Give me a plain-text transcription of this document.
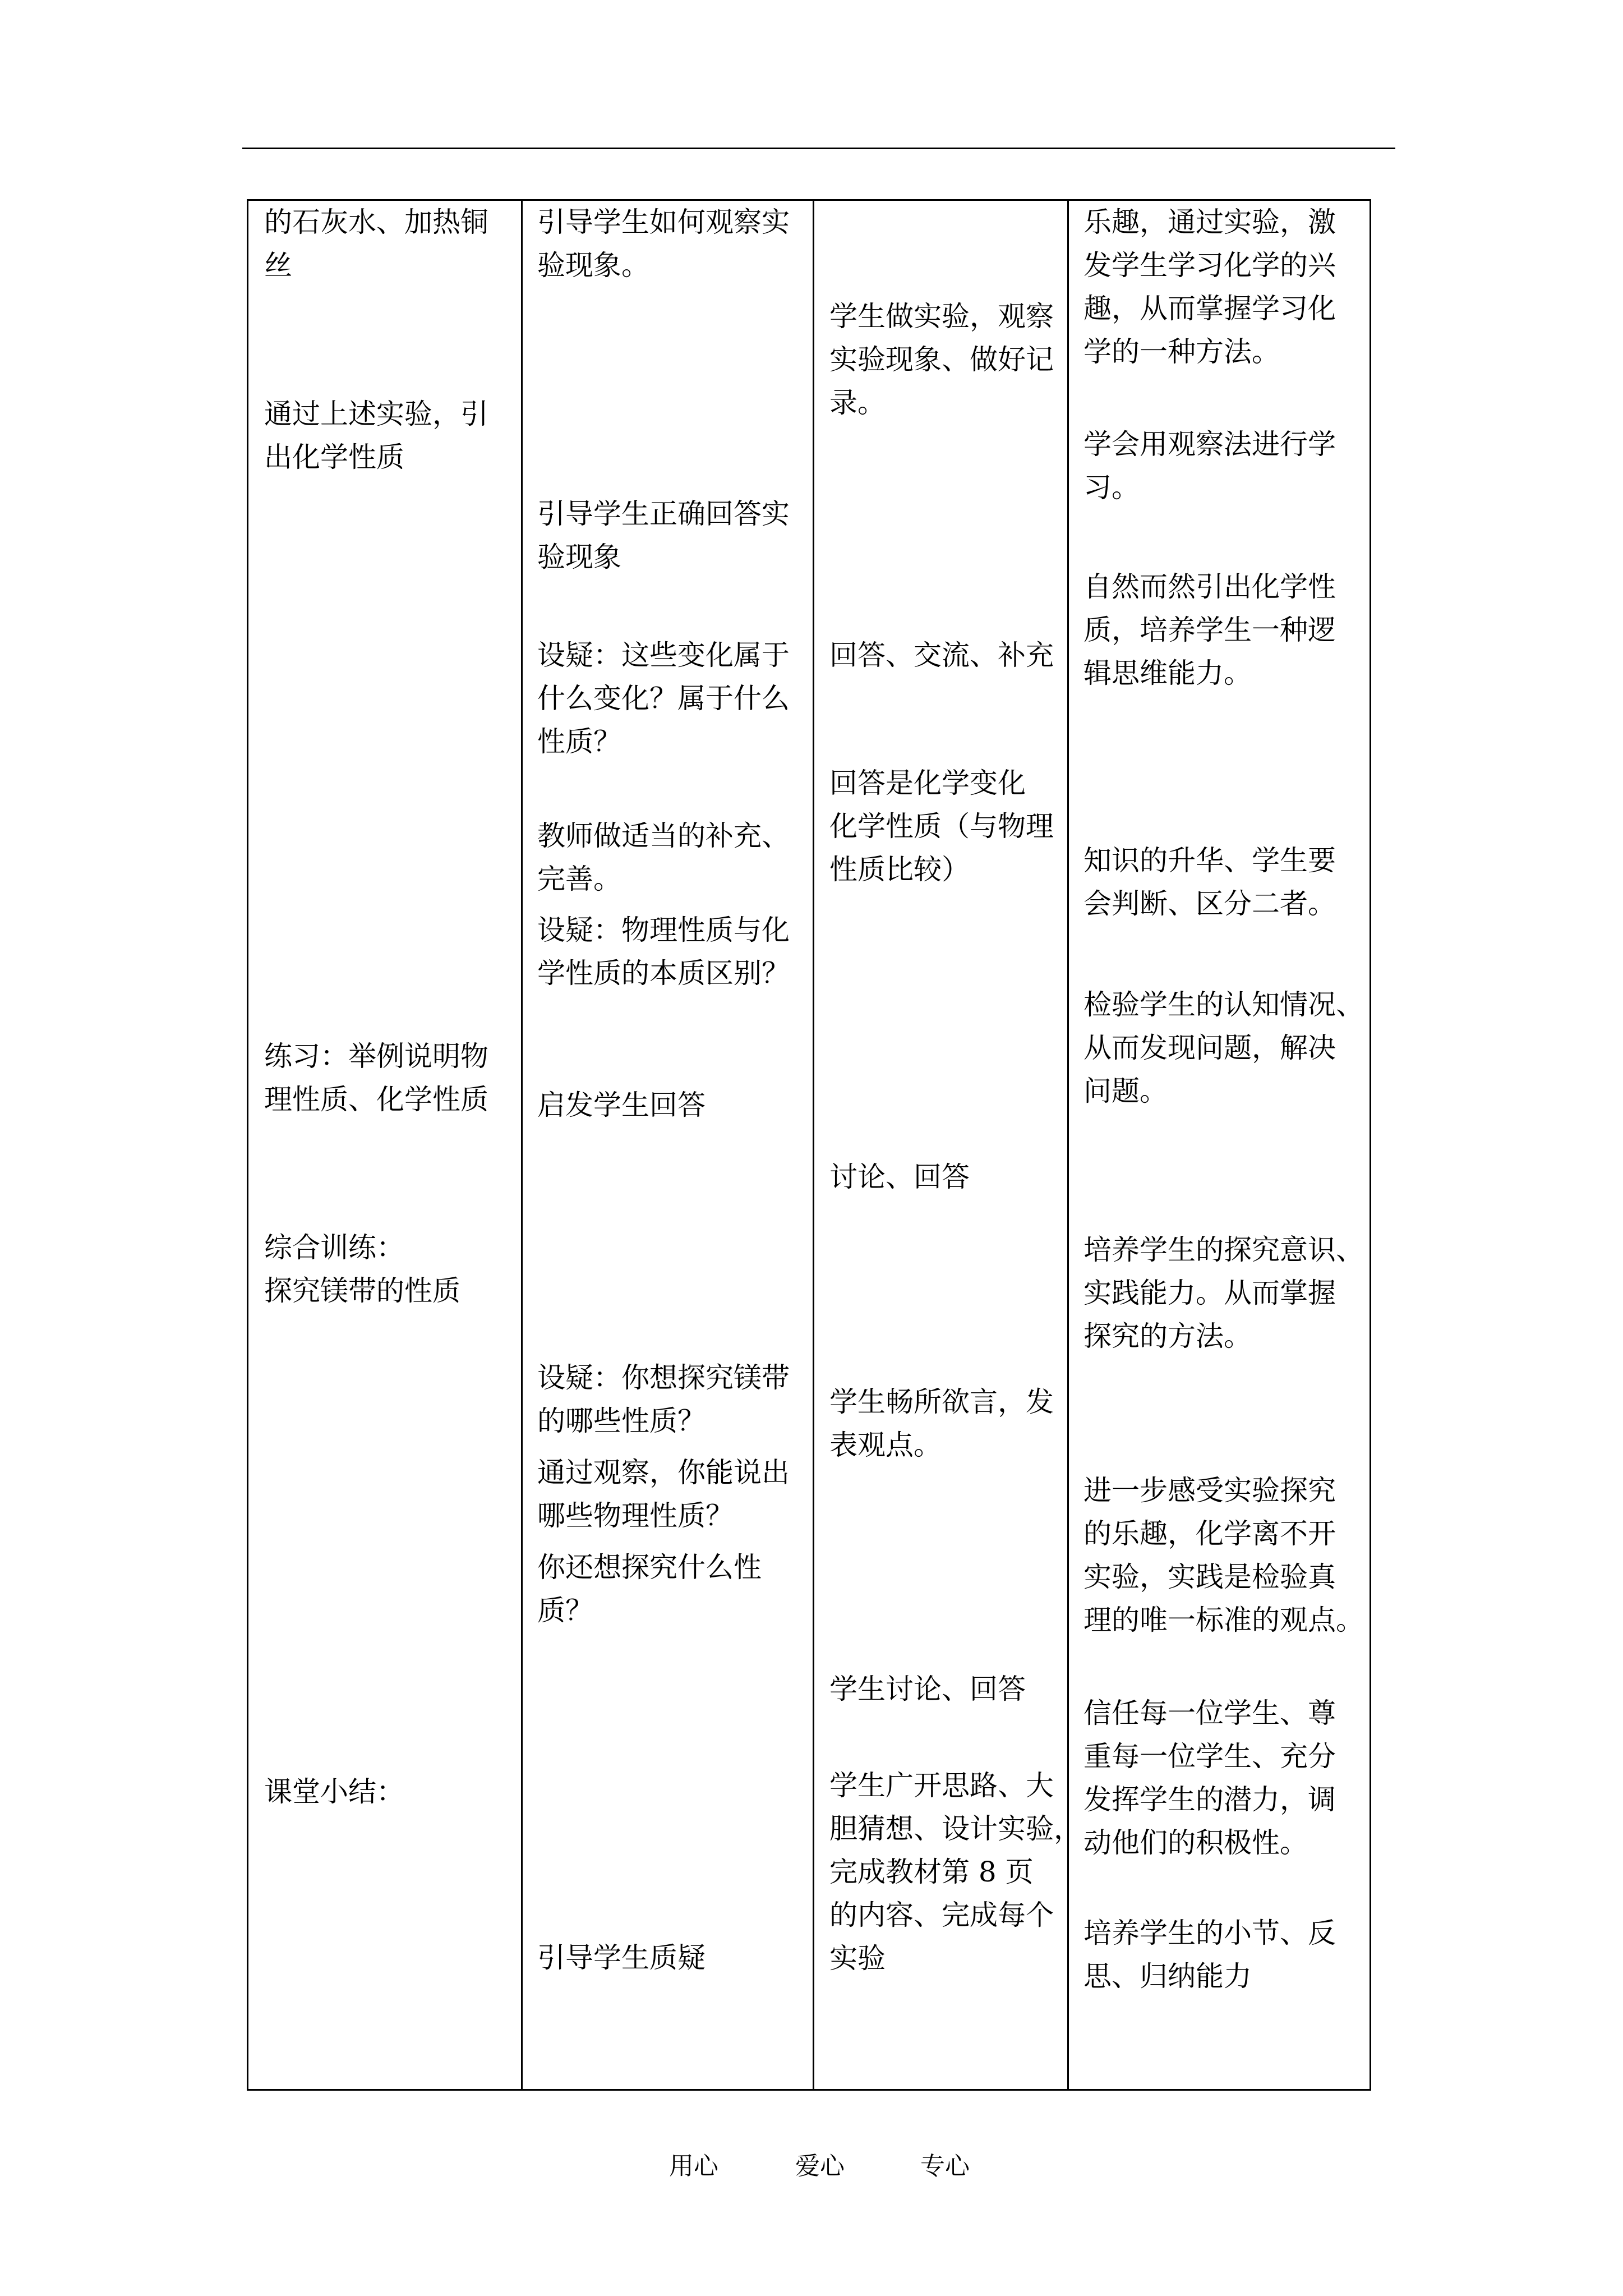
的石灰水、加热铜
丝
通过上述实验，引
出化学性质
练习：举例说明物
理性质、化学性质
综合训练：
探究镁带的性质
课堂小结：
引导学生如何观察实
验现象。
引导学生正确回答实
验现象
设疑：这些变化属于
什么变化？属于什么
性质？
教师做适当的补充、
完善。
设疑：物理性质与化
学性质的本质区别？
启发学生回答
设疑：你想探究镁带
的哪些性质？
通过观察，你能说出
哪些物理性质？
你还想探究什么性
质？
引导学生质疑
学生做实验，观察
实验现象、做好记
录。
回答、交流、补充
回答是化学变化
化学性质（与物理
性质比较）
讨论、回答
学生畅所欲言，发
表观点。
学生讨论、回答
学生广开思路、大
胆猜想、设计实验，
完成教材第 8 页
的内容、完成每个
实验
乐趣，通过实验，激
发学生学习化学的兴
趣，从而掌握学习化
学的一种方法。
学会用观察法进行学
习。
自然而然引出化学性
质，培养学生一种逻
辑思维能力。
知识的升华、学生要
会判断、区分二者。
检验学生的认知情况、
从而发现问题，解决
问题。
培养学生的探究意识、
实践能力。从而掌握
探究的方法。
进一步感受实验探究
的乐趣，化学离不开
实验，实践是检验真
理的唯一标准的观点。
信任每一位学生、尊
重每一位学生、充分
发挥学生的潜力，调
动他们的积极性。
培养学生的小节、反
思、归纳能力
用心	爱心	专心
